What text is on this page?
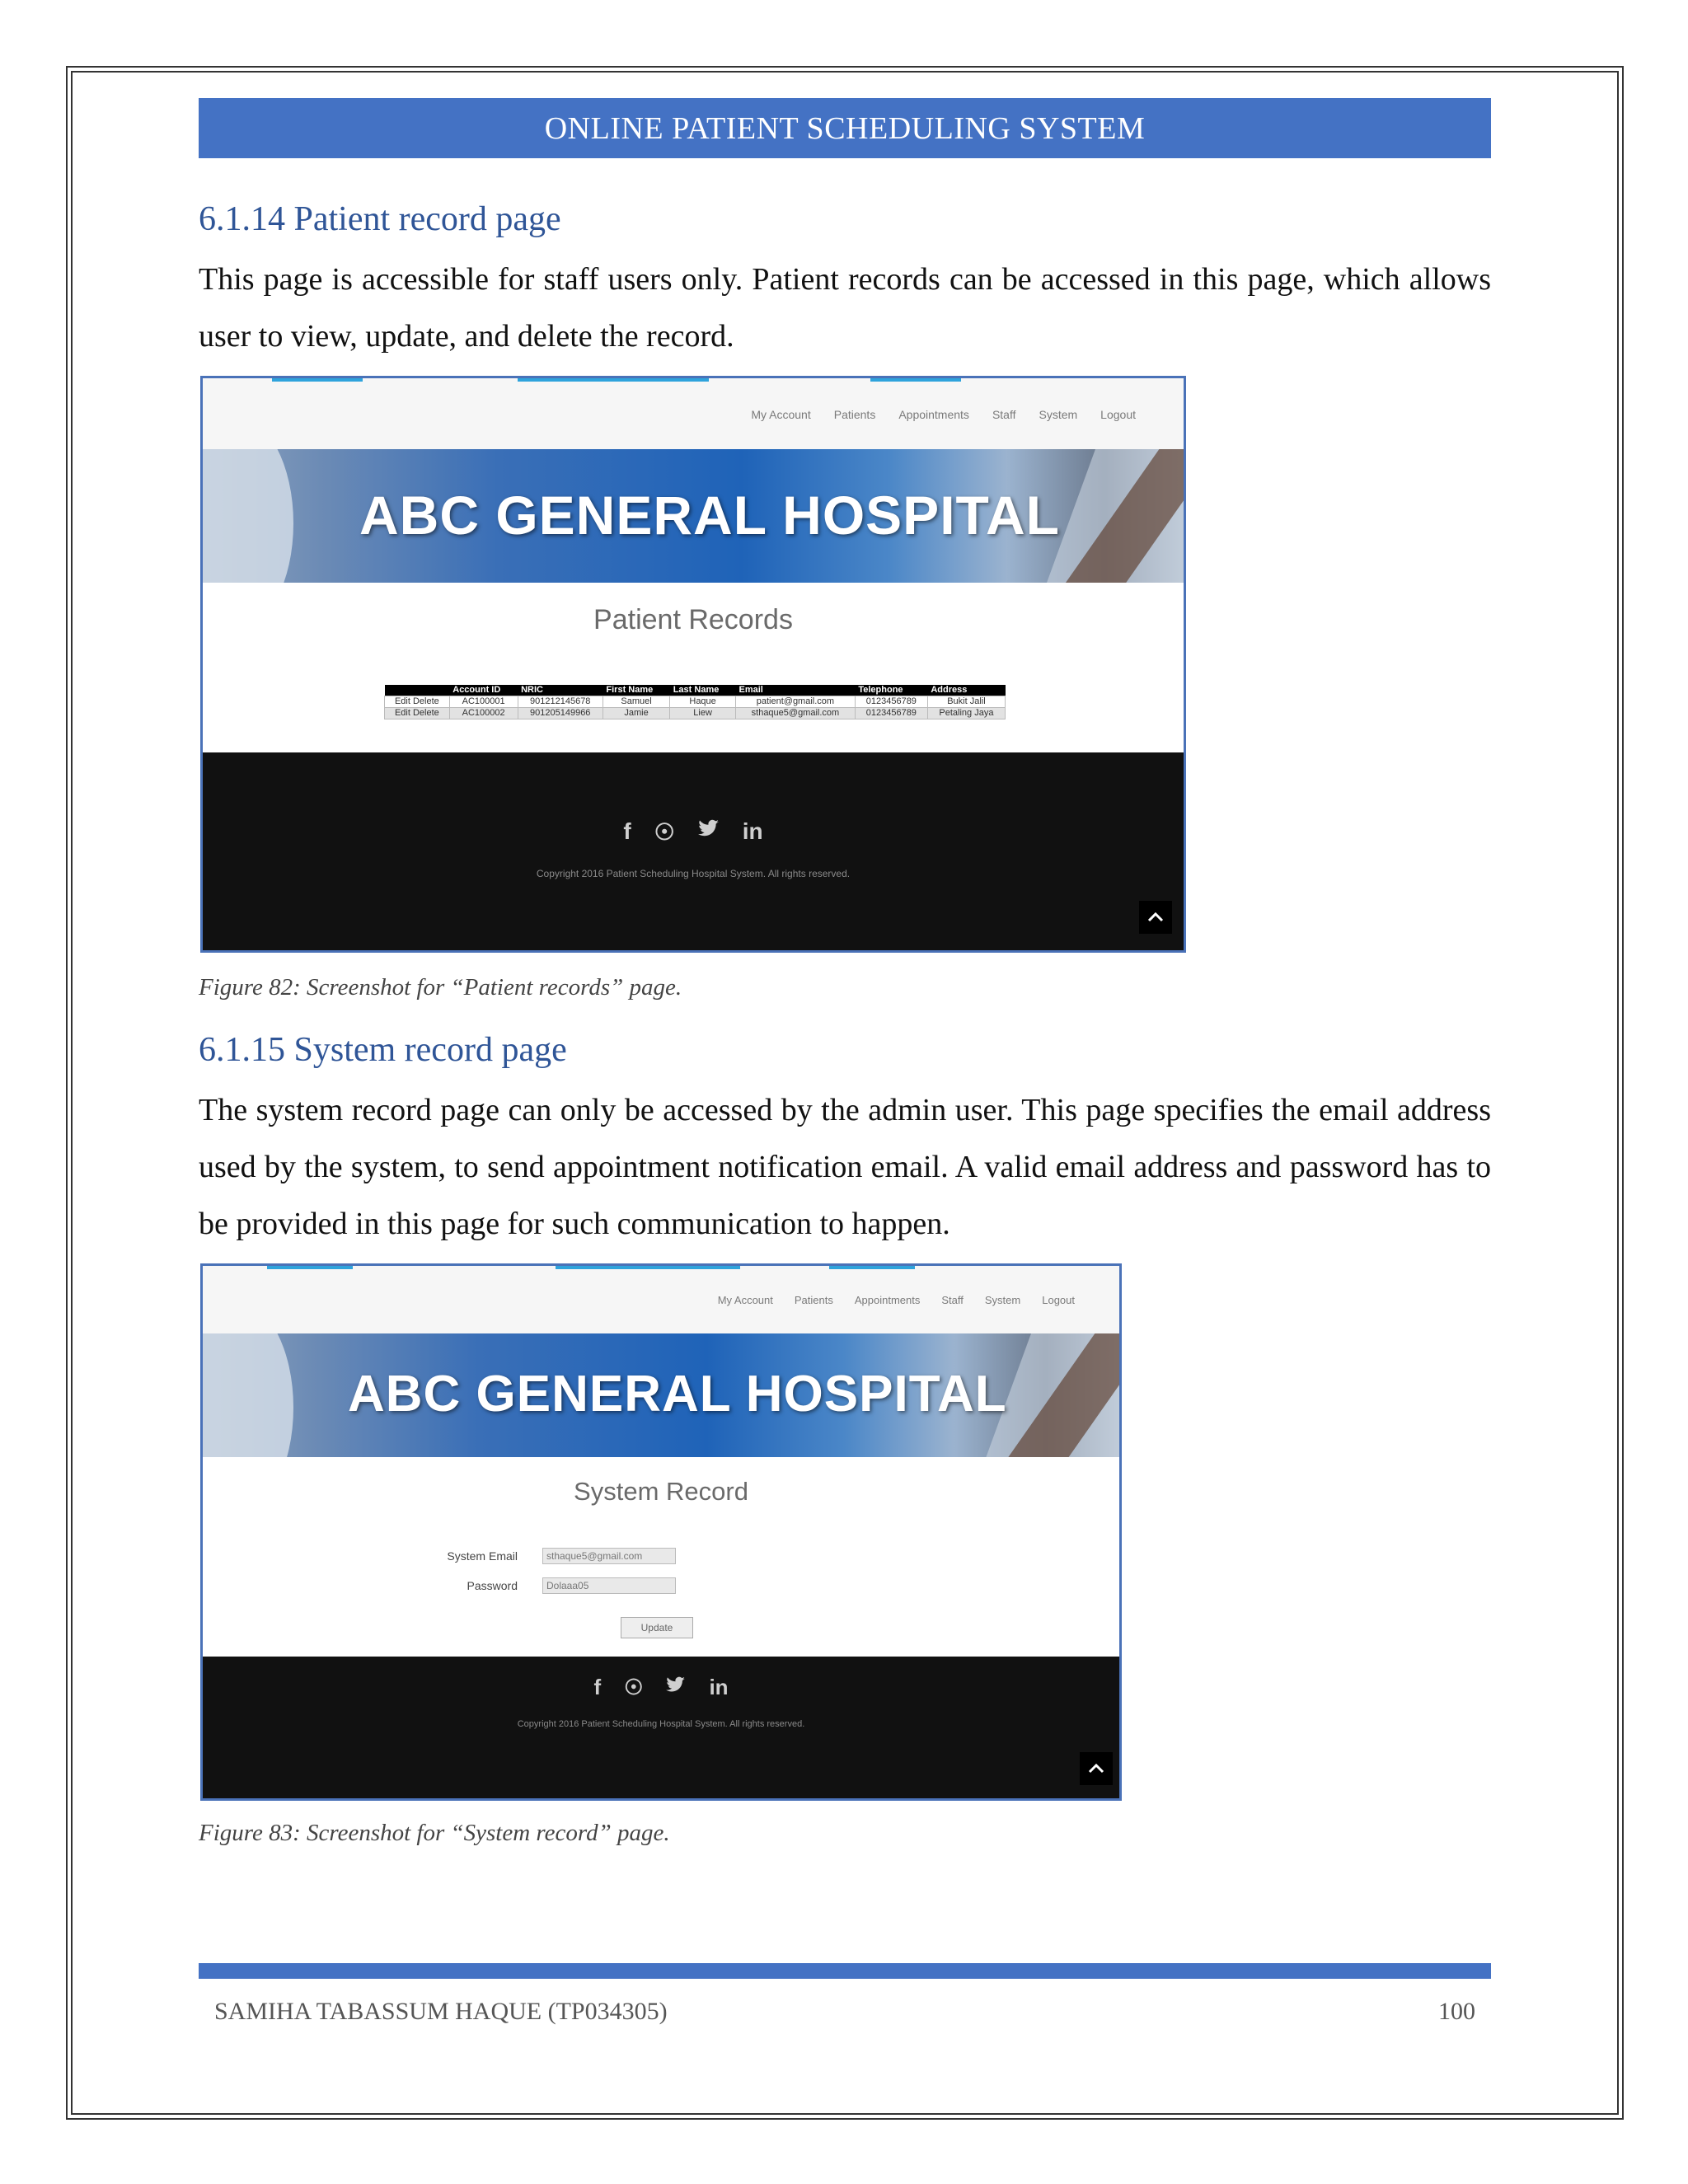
ONLINE PATIENT SCHEDULING SYSTEM
6.1.14 Patient record page
This page is accessible for staff users only. Patient records can be accessed in this page, which allows user to view, update, and delete the record.
My Account Patients Appointments Staff System Logout
ABC GENERAL HOSPITAL
Patient Records
	Account ID	NRIC	First Name	Last Name	Email	Telephone	Address
Edit Delete	AC100001	901212145678	Samuel	Haque	patient@gmail.com	0123456789	Bukit Jalil
Edit Delete	AC100002	901205149966	Jamie	Liew	sthaque5@gmail.com	0123456789	Petaling Jaya
f ☉	in
Copyright 2016 Patient Scheduling Hospital System. All rights reserved.
Figure 82: Screenshot for “Patient records” page.
6.1.15 System record page
The system record page can only be accessed by the admin user. This page specifies the email address used by the system, to send appointment notification email. A valid email address and password has to be provided in this page for such communication to happen.
My Account Patients Appointments Staff System Logout
ABC GENERAL HOSPITAL
System Record
System Email	sthaque5@gmail.com
Password	Dolaaa05
Update
f ☉	in
Copyright 2016 Patient Scheduling Hospital System. All rights reserved.
Figure 83: Screenshot for “System record” page.
SAMIHA TABASSUM HAQUE (TP034305)	100
